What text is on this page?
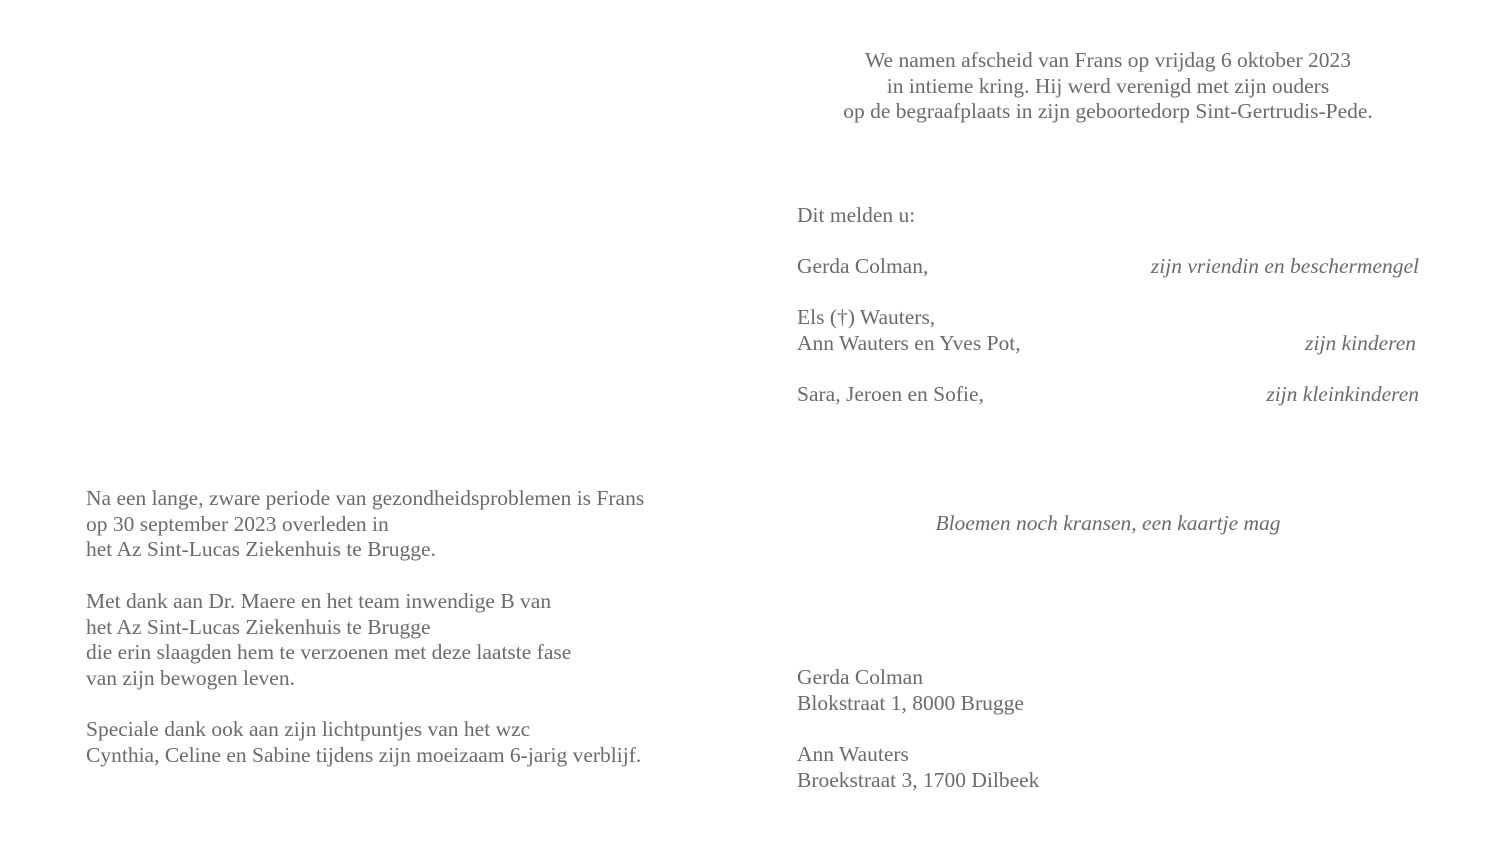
Na een lange, zware periode van gezondheidsproblemen is Frans
op 30 september 2023 overleden in
het Az Sint-Lucas Ziekenhuis te Brugge.

Met dank aan Dr. Maere en het team inwendige B van
het Az Sint-Lucas Ziekenhuis te Brugge
die erin slaagden hem te verzoenen met deze laatste fase
van zijn bewogen leven.

Speciale dank ook aan zijn lichtpuntjes van het wzc
Cynthia, Celine en Sabine tijdens zijn moeizaam 6-jarig verblijf.

We namen afscheid van Frans op vrijdag 6 oktober 2023
in intieme kring. Hij werd verenigd met zijn ouders
op de begraafplaats in zijn geboortedorp Sint-Gertrudis-Pede.
Dit melden u:
Gerda Colman,	zijn vriendin en beschermengel
Els (†) Wauters,
Ann Wauters en Yves Pot,	zijn kinderen
Sara, Jeroen en Sofie,	zijn kleinkinderen
Bloemen noch kransen, een kaartje mag
Gerda Colman
Blokstraat 1, 8000 Brugge
Ann Wauters
Broekstraat 3, 1700 Dilbeek
